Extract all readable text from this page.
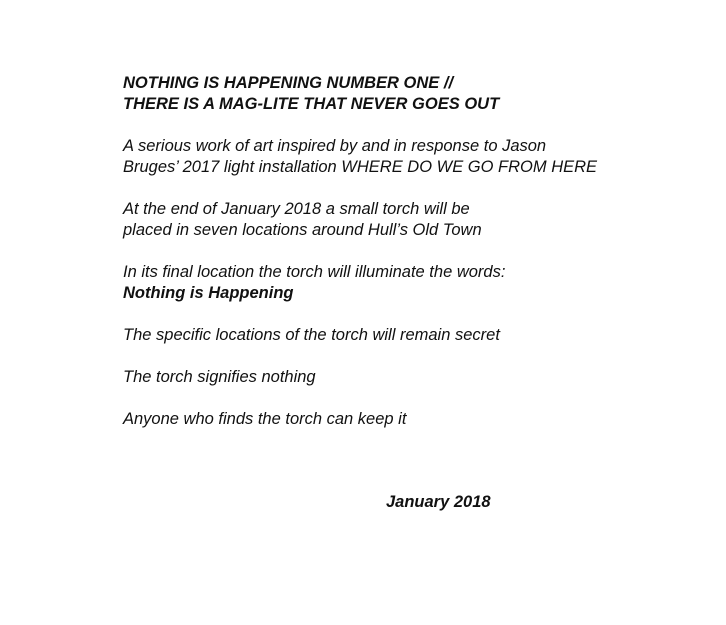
NOTHING IS HAPPENING NUMBER ONE //
THERE IS A MAG-LITE THAT NEVER GOES OUT
A serious work of art inspired by and in response to Jason
Bruges’ 2017 light installation WHERE DO WE GO FROM HERE
At the end of January 2018 a small torch will be
placed in seven locations around Hull’s Old Town
In its final location the torch will illuminate the words:
Nothing is Happening
The specific locations of the torch will remain secret
The torch signifies nothing
Anyone who finds the torch can keep it
January 2018
